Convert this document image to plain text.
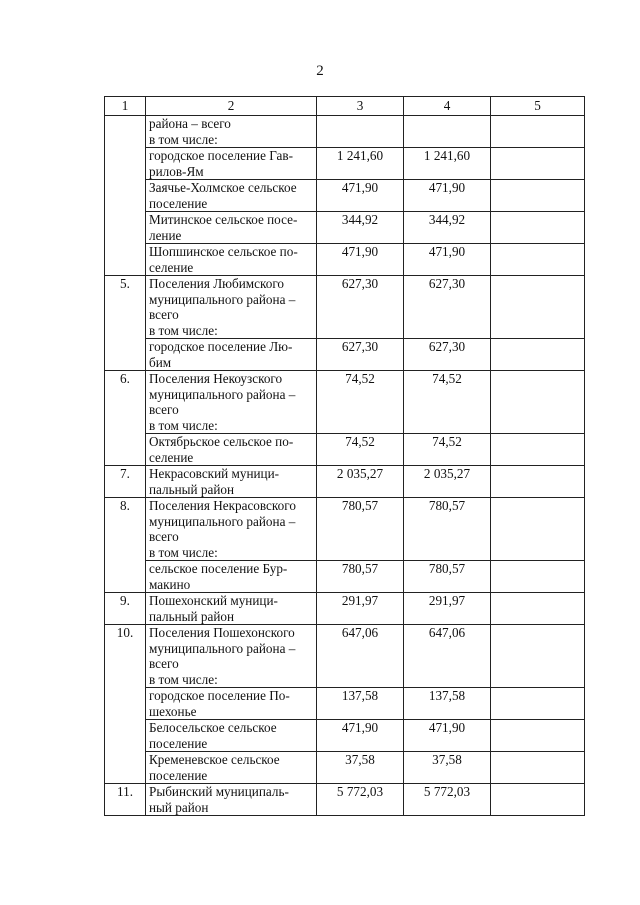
2
1	2	3	4	5
	района – всего
в том числе:			
	городское поселение Гав-
рилов-Ям	1 241,60	1 241,60	
	Заячье-Холмское сельское
поселение	471,90	471,90	
	Митинское сельское посе-
ление	344,92	344,92	
	Шопшинское сельское по-
селение	471,90	471,90	
5.	Поселения Любимского
муниципального района –
всего
в том числе:	627,30	627,30	
	городское поселение Лю-
бим	627,30	627,30	
6.	Поселения Некоузского
муниципального района –
всего
в том числе:	74,52	74,52	
	Октябрьское сельское по-
селение	74,52	74,52	
7.	Некрасовский муници-
пальный район	2 035,27	2 035,27	
8.	Поселения Некрасовского
муниципального района –
всего
в том числе:	780,57	780,57	
	сельское поселение Бур-
макино	780,57	780,57	
9.	Пошехонский муници-
пальный район	291,97	291,97	
10.	Поселения Пошехонского
муниципального района –
всего
в том числе:	647,06	647,06	
	городское поселение По-
шехонье	137,58	137,58	
	Белосельское сельское
поселение	471,90	471,90	
	Кременевское сельское
поселение	37,58	37,58	
11.	Рыбинский муниципаль-
ный район	5 772,03	5 772,03	
